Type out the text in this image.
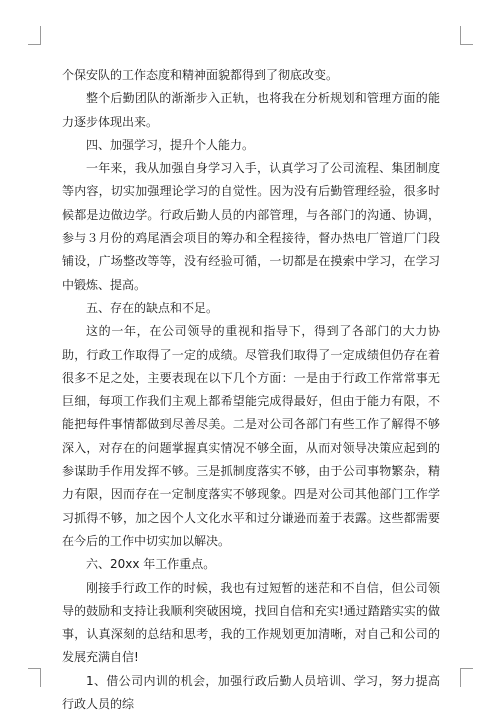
个保安队的工作态度和精神面貌都得到了彻底改变。

整个后勤团队的渐渐步入正轨，也将我在分析规划和管理方面的能力逐步体现出来。

四、加强学习，提升个人能力。

一年来，我从加强自身学习入手，认真学习了公司流程、集团制度等内容，切实加强理论学习的自觉性。因为没有后勤管理经验，很多时候都是边做边学。行政后勤人员的内部管理，与各部门的沟通、协调，参与３月份的鸡尾酒会项目的筹办和全程接待，督办热电厂管道厂门段铺设，广场整改等等，没有经验可循，一切都是在摸索中学习，在学习中锻炼、提高。

五、存在的缺点和不足。

这的一年，在公司领导的重视和指导下，得到了各部门的大力协助，行政工作取得了一定的成绩。尽管我们取得了一定成绩但仍存在着很多不足之处，主要表现在以下几个方面：一是由于行政工作常常事无巨细，每项工作我们主观上都希望能完成得最好，但由于能力有限，不能把每件事情都做到尽善尽美。二是对公司各部门有些工作了解得不够深入，对存在的问题掌握真实情况不够全面，从而对领导决策应起到的参谋助手作用发挥不够。三是抓制度落实不够，由于公司事物繁杂，精力有限，因而存在一定制度落实不够现象。四是对公司其他部门工作学习抓得不够，加之因个人文化水平和过分谦逊而羞于表露。这些都需要在今后的工作中切实加以解决。

六、20xx 年工作重点。

刚接手行政工作的时候，我也有过短暂的迷茫和不自信，但公司领导的鼓励和支持让我顺利突破困境，找回自信和充实!通过踏踏实实的做事，认真深刻的总结和思考，我的工作规划更加清晰，对自己和公司的发展充满自信!

1、借公司内训的机会，加强行政后勤人员培训、学习，努力提高行政人员的综
